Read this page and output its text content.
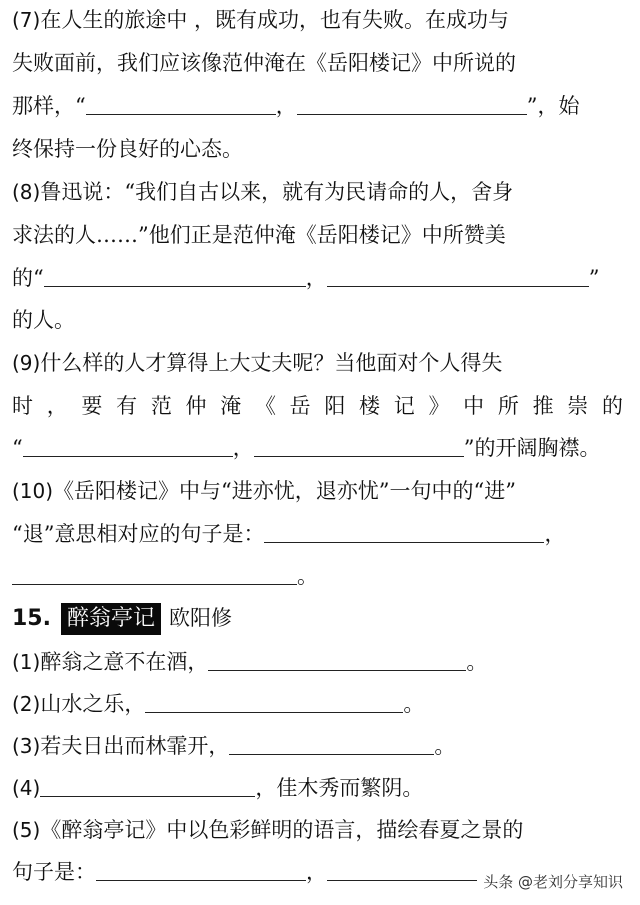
(7)在人生的旅途中 ，既有成功，也有失败。在成功与
失败面前，我们应该像范仲淹在《岳阳楼记》中所说的
那样，“	，	”，始
终保持一份良好的心态。
(8)鲁迅说：“我们自古以来，就有为民请命的人，舍身
求法的人……”他们正是范仲淹《岳阳楼记》中所赞美
的“	，	”
的人。
(9)什么样的人才算得上大丈夫呢？当他面对个人得失
时，要有范仲淹《岳阳楼记》中所推崇的
“	，	”的开阔胸襟。
(10)《岳阳楼记》中与“进亦忧，退亦忧”一句中的“进”
“退”意思相对应的句子是：	，
。
15. 醉翁亭记 欧阳修
(1)醉翁之意不在酒，	。
(2)山水之乐，	。
(3)若夫日出而林霏开，	。
(4)	，佳木秀而繁阴。
(5)《醉翁亭记》中以色彩鲜明的语言，描绘春夏之景的
句子是：	，	头条 @老刘分享知识
